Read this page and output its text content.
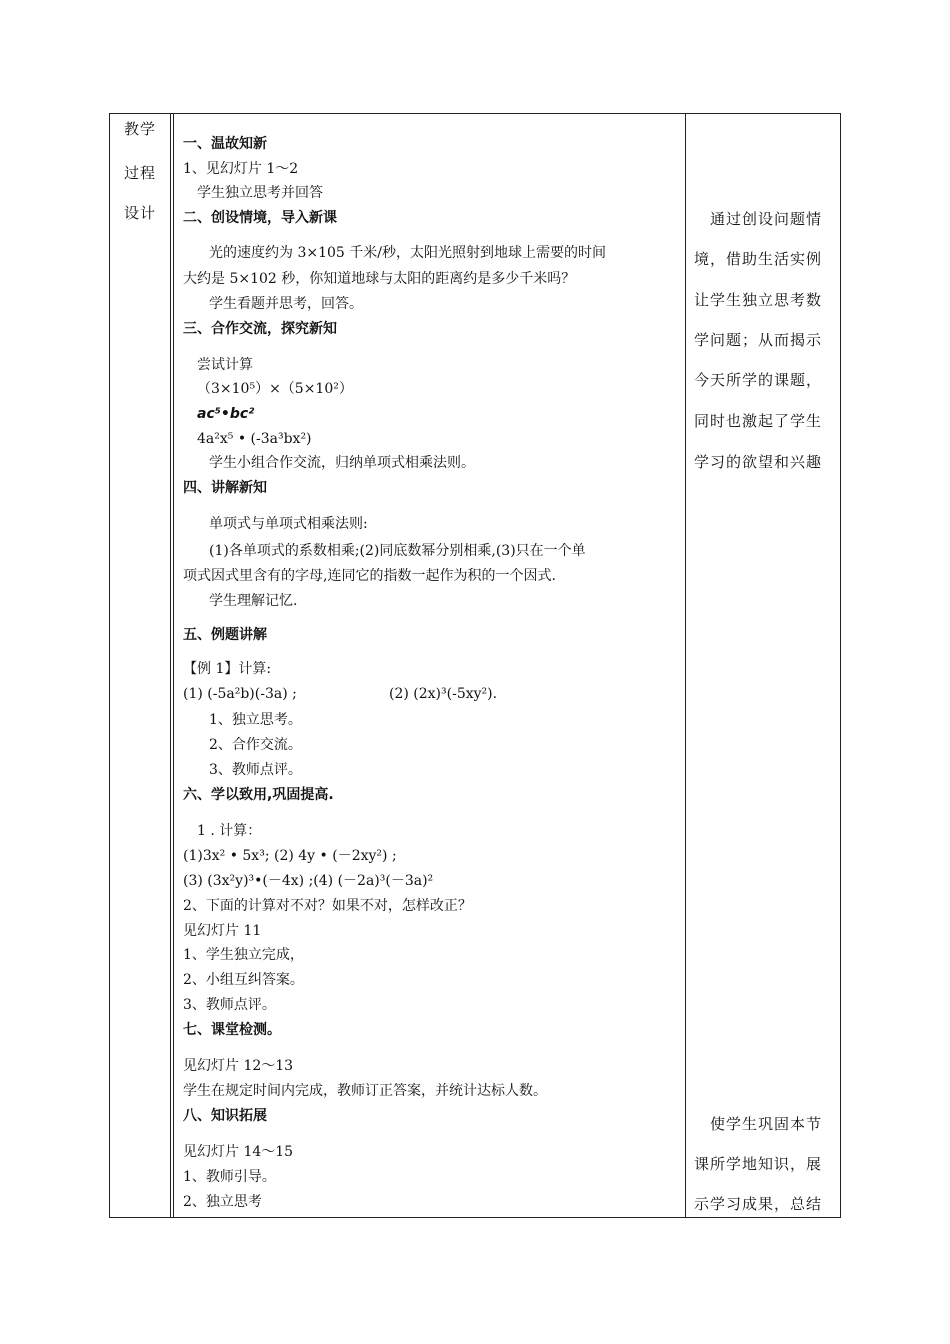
教学
过程
设计
一、温故知新
1、见幻灯片 1～2
学生独立思考并回答
二、创设情境，导入新课
光的速度约为 3×105 千米/秒，太阳光照射到地球上需要的时间
大约是 5×102 秒，你知道地球与太阳的距离约是多少千米吗？
学生看题并思考，回答。
三、合作交流，探究新知
尝试计算
（3×10⁵）×（5×10²）
ac⁵•bc²
4a²x⁵ • (-3a³bx²)
学生小组合作交流，归纳单项式相乘法则。
四、讲解新知
单项式与单项式相乘法则:
(1)各单项式的系数相乘;(2)同底数幂分别相乘,(3)只在一个单
项式因式里含有的字母,连同它的指数一起作为积的一个因式.
学生理解记忆.
五、例题讲解
【例 1】计算:
(1) (-5a²b)(-3a) ;	(2) (2x)³(-5xy²).
1、独立思考。
2、合作交流。
3、教师点评。
六、学以致用,巩固提高.
1 . 计算：
(1)3x² • 5x³; (2) 4y • (－2xy²) ;
(3) (3x²y)³•(－4x) ;(4) (－2a)³(－3a)²
2、下面的计算对不对？如果不对，怎样改正？
见幻灯片 11
1、学生独立完成，
2、小组互纠答案。
3、教师点评。
七、课堂检测。
见幻灯片 12～13
学生在规定时间内完成，教师订正答案，并统计达标人数。
八、知识拓展
见幻灯片 14～15
1、教师引导。
2、独立思考
通过创设问题情
境，借助生活实例
让学生独立思考数
学问题；从而揭示
今天所学的课题，
同时也激起了学生
学习的欲望和兴趣
使学生巩固本节
课所学地知识，展
示学习成果，总结
